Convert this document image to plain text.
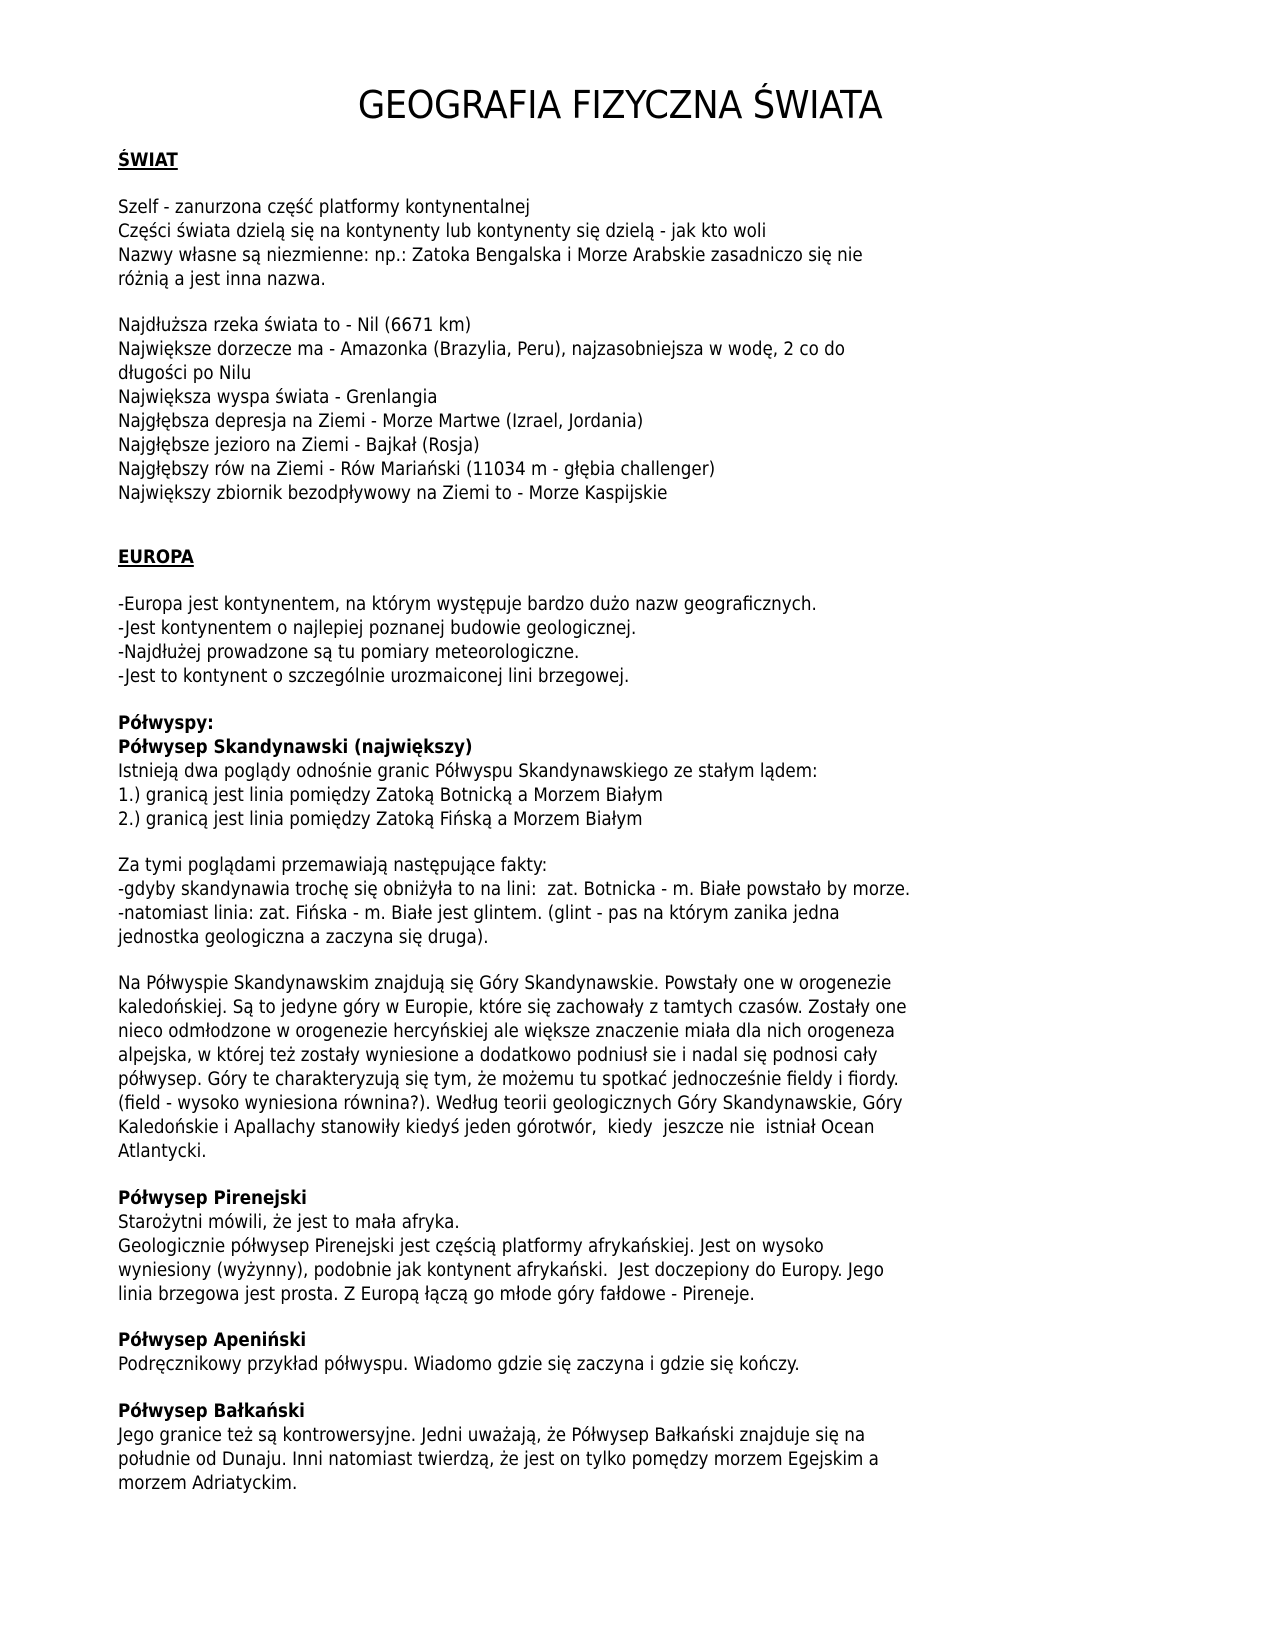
GEOGRAFIA FIZYCZNA ŚWIATA
ŚWIAT
Szelf - zanurzona część platformy kontynentalnej
Części świata dzielą się na kontynenty lub kontynenty się dzielą - jak kto woli
Nazwy własne są niezmienne: np.: Zatoka Bengalska i Morze Arabskie zasadniczo się nie
różnią a jest inna nazwa.
Najdłuższa rzeka świata to - Nil (6671 km)
Największe dorzecze ma - Amazonka (Brazylia, Peru), najzasobniejsza w wodę, 2 co do
długości po Nilu
Największa wyspa świata - Grenlangia
Najgłębsza depresja na Ziemi - Morze Martwe (Izrael, Jordania)
Najgłębsze jezioro na Ziemi - Bajkał (Rosja)
Najgłębszy rów na Ziemi - Rów Mariański (11034 m - głębia challenger)
Największy zbiornik bezodpływowy na Ziemi to - Morze Kaspijskie
EUROPA
-Europa jest kontynentem, na którym występuje bardzo dużo nazw geograficznych.
-Jest kontynentem o najlepiej poznanej budowie geologicznej.
-Najdłużej prowadzone są tu pomiary meteorologiczne.
-Jest to kontynent o szczególnie urozmaiconej lini brzegowej.
Półwyspy:
Półwysep Skandynawski (największy)
Istnieją dwa poglądy odnośnie granic Półwyspu Skandynawskiego ze stałym lądem:
1.) granicą jest linia pomiędzy Zatoką Botnicką a Morzem Białym
2.) granicą jest linia pomiędzy Zatoką Fińską a Morzem Białym
Za tymi poglądami przemawiają następujące fakty:
-gdyby skandynawia trochę się obniżyła to na lini:  zat. Botnicka - m. Białe powstało by morze.
-natomiast linia: zat. Fińska - m. Białe jest glintem. (glint - pas na którym zanika jedna
jednostka geologiczna a zaczyna się druga).
Na Półwyspie Skandynawskim znajdują się Góry Skandynawskie. Powstały one w orogenezie
kaledońskiej. Są to jedyne góry w Europie, które się zachowały z tamtych czasów. Zostały one
nieco odmłodzone w orogenezie hercyńskiej ale większe znaczenie miała dla nich orogeneza
alpejska, w której też zostały wyniesione a dodatkowo podniusł sie i nadal się podnosi cały
półwysep. Góry te charakteryzują się tym, że możemu tu spotkać jednocześnie fieldy i fiordy.
(field - wysoko wyniesiona równina?). Według teorii geologicznych Góry Skandynawskie, Góry
Kaledońskie i Apallachy stanowiły kiedyś jeden górotwór,  kiedy  jeszcze nie  istniał Ocean
Atlantycki.
Półwysep Pirenejski
Starożytni mówili, że jest to mała afryka.
Geologicznie półwysep Pirenejski jest częścią platformy afrykańskiej. Jest on wysoko
wyniesiony (wyżynny), podobnie jak kontynent afrykański.  Jest doczepiony do Europy. Jego
linia brzegowa jest prosta. Z Europą łączą go młode góry fałdowe - Pireneje.
Półwysep Apeniński
Podręcznikowy przykład półwyspu. Wiadomo gdzie się zaczyna i gdzie się kończy.
Półwysep Bałkański
Jego granice też są kontrowersyjne. Jedni uważają, że Półwysep Bałkański znajduje się na
południe od Dunaju. Inni natomiast twierdzą, że jest on tylko pomędzy morzem Egejskim a
morzem Adriatyckim.
